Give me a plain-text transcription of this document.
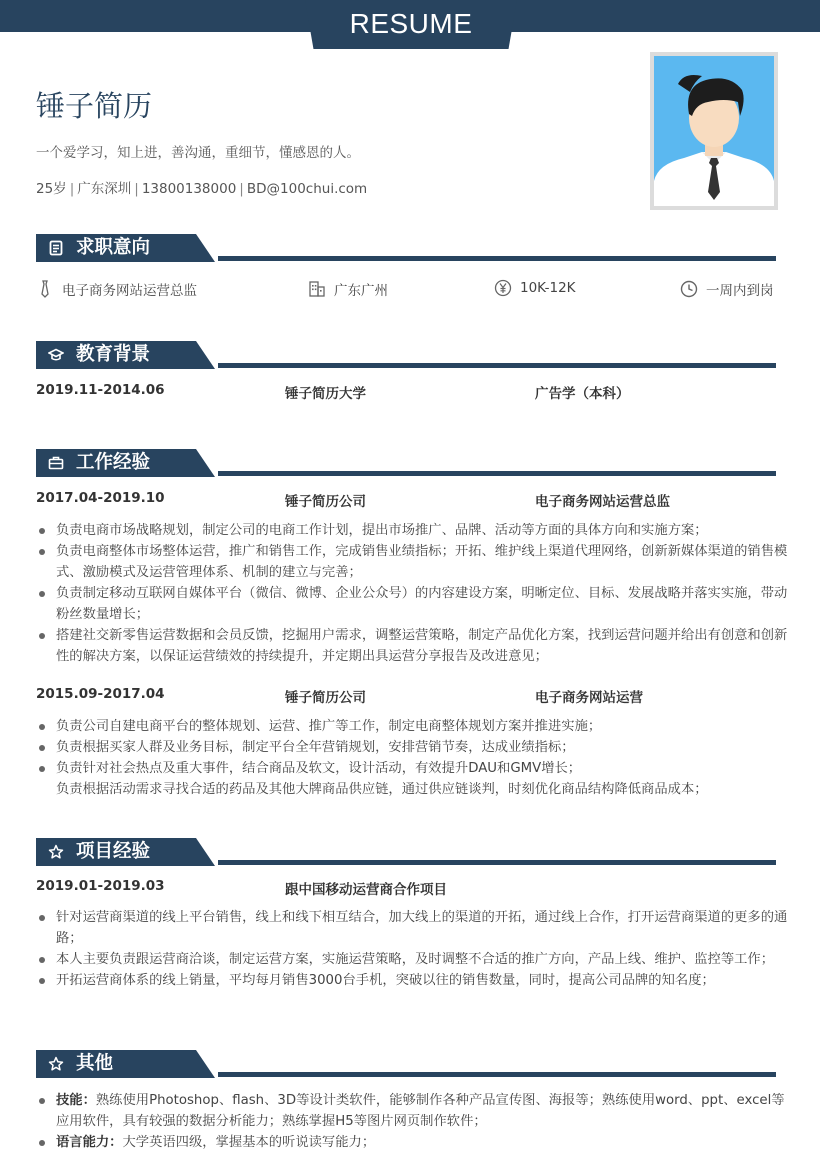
RESUME
锤子简历
一个爱学习，知上进，善沟通，重细节，懂感恩的人。
25岁 | 广东深圳 | 13800138000 | BD@100chui.com
求职意向
电子商务网站运营总监	广东广州	10K-12K	一周内到岗
教育背景
2019.11-2014.06	锤子简历大学	广告学（本科）
工作经验
2017.04-2019.10	锤子简历公司	电子商务网站运营总监
负责电商市场战略规划，制定公司的电商工作计划，提出市场推广、品牌、活动等方面的具体方向和实施方案；
负责电商整体市场整体运营，推广和销售工作，完成销售业绩指标；开拓、维护线上渠道代理网络，创新新媒体渠道的销售模式、激励模式及运营管理体系、机制的建立与完善；
负责制定移动互联网自媒体平台（微信、微博、企业公众号）的内容建设方案，明晰定位、目标、发展战略并落实实施，带动粉丝数量增长；
搭建社交新零售运营数据和会员反馈，挖掘用户需求，调整运营策略，制定产品优化方案，找到运营问题并给出有创意和创新性的解决方案，以保证运营绩效的持续提升，并定期出具运营分享报告及改进意见；
2015.09-2017.04	锤子简历公司	电子商务网站运营
负责公司自建电商平台的整体规划、运营、推广等工作，制定电商整体规划方案并推进实施；
负责根据买家人群及业务目标，制定平台全年营销规划，安排营销节奏，达成业绩指标；
负责针对社会热点及重大事件，结合商品及软文，设计活动，有效提升DAU和GMV增长；
负责根据活动需求寻找合适的药品及其他大牌商品供应链，通过供应链谈判，时刻优化商品结构降低商品成本；
项目经验
2019.01-2019.03	跟中国移动运营商合作项目
针对运营商渠道的线上平台销售，线上和线下相互结合，加大线上的渠道的开拓，通过线上合作，打开运营商渠道的更多的通路；
本人主要负责跟运营商洽谈，制定运营方案，实施运营策略，及时调整不合适的推广方向，产品上线、维护、监控等工作；
开拓运营商体系的线上销量，平均每月销售3000台手机，突破以往的销售数量，同时，提高公司品牌的知名度；
其他
技能：熟练使用Photoshop、flash、3D等设计类软件，能够制作各种产品宣传图、海报等；熟练使用word、ppt、excel等应用软件，具有较强的数据分析能力；熟练掌握H5等图片网页制作软件；
语言能力：大学英语四级，掌握基本的听说读写能力；
